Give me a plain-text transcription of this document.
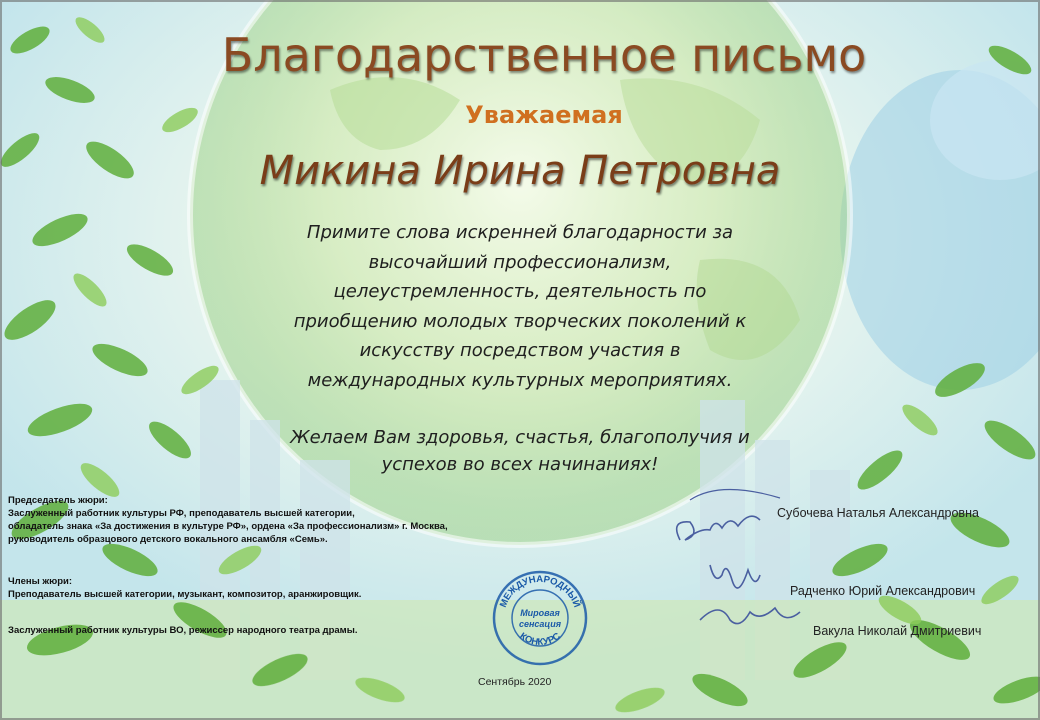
Благодарственное письмо
Уважаемая
Микина Ирина Петровна
Примите слова искренней благодарности за
высочайший профессионализм,
целеустремленность, деятельность по
приобщению молодых творческих поколений к
искусству посредством участия в
международных культурных мероприятиях.
Желаем Вам здоровья, счастья, благополучия и
успехов во всех начинаниях!
Председатель жюри:
Заслуженный работник культуры РФ, преподаватель высшей категории,
обладатель знака «За достижения в культуре РФ», ордена «За профессионализм» г. Москва,
руководитель образцового детского вокального ансамбля «Семь».
Члены жюри:
Преподаватель высшей категории, музыкант, композитор, аранжировщик.
Заслуженный работник культуры ВО, режиссер народного театра драмы.
Субочева Наталья Александровна
Радченко Юрий Александрович
Вакула Николай Дмитриевич
МЕЖДУНАРОДНЫЙ
КОНКУРС
Мировая
сенсация
Сентябрь 2020
